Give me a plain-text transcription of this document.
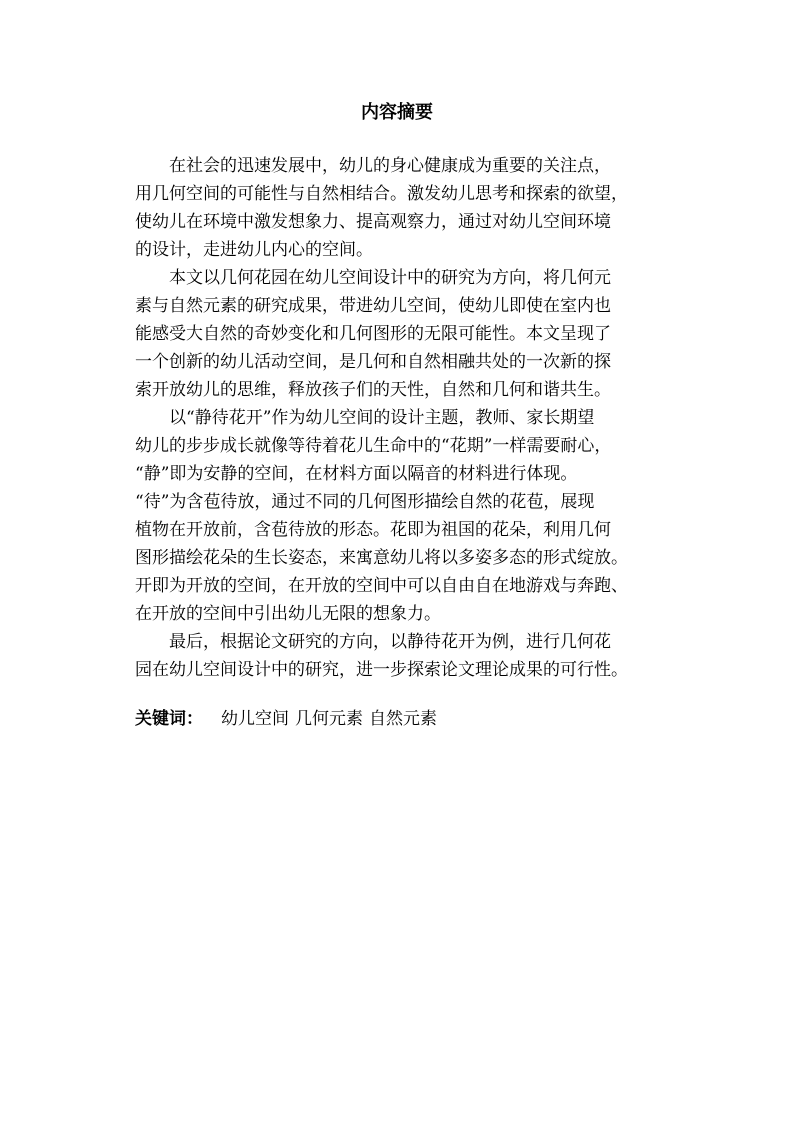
内容摘要

　　在社会的迅速发展中，幼儿的身心健康成为重要的关注点，
用几何空间的可能性与自然相结合。激发幼儿思考和探索的欲望，
使幼儿在环境中激发想象力、提高观察力，通过对幼儿空间环境
的设计，走进幼儿内心的空间。

　　本文以几何花园在幼儿空间设计中的研究为方向，将几何元
素与自然元素的研究成果，带进幼儿空间，使幼儿即使在室内也
能感受大自然的奇妙变化和几何图形的无限可能性。本文呈现了
一个创新的幼儿活动空间，是几何和自然相融共处的一次新的探
索开放幼儿的思维，释放孩子们的天性，自然和几何和谐共生。

　　以“静待花开”作为幼儿空间的设计主题，教师、家长期望
幼儿的步步成长就像等待着花儿生命中的“花期”一样需要耐心，
“静”即为安静的空间，在材料方面以隔音的材料进行体现。
“待”为含苞待放，通过不同的几何图形描绘自然的花苞，展现
植物在开放前，含苞待放的形态。花即为祖国的花朵，利用几何
图形描绘花朵的生长姿态，来寓意幼儿将以多姿多态的形式绽放。
开即为开放的空间，在开放的空间中可以自由自在地游戏与奔跑、
在开放的空间中引出幼儿无限的想象力。

　　最后，根据论文研究的方向，以静待花开为例，进行几何花
园在幼儿空间设计中的研究，进一步探索论文理论成果的可行性。

关键词： 幼儿空间 几何元素 自然元素
